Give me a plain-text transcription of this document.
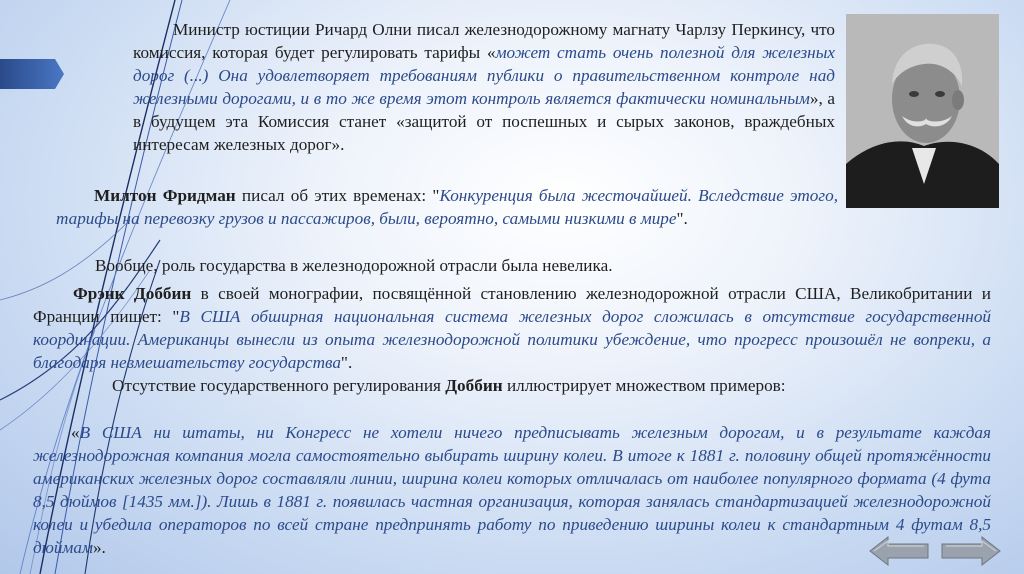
Министр юстиции Ричард Олни писал железнодорожному магнату Чарлзу Перкинсу, что комиссия, которая будет регулировать тарифы «может стать очень полезной для железных дорог (...) Она удовлетворяет требованиям публики о правительственном контроле над железными дорогами, и в то же время этот контроль является фактически номинальным», а в будущем эта Комиссия станет «защитой от поспешных и сырых законов, враждебных интересам железных дорог».
Милтон Фридман писал об этих временах: "Конкуренция была жесточайшей. Вследствие этого, тарифы на перевозку грузов и пассажиров, были, вероятно, самыми низкими в мире".
Вообще, роль государства в железнодорожной отрасли была невелика.
Фрэнк Доббин в своей монографии, посвящённой становлению железнодорожной отрасли США, Великобритании и Франции пишет: "В США обширная национальная система железных дорог сложилась в отсутствие государственной координации. Американцы вынесли из опыта железнодорожной политики убеждение, что прогресс произошёл не вопреки, а благодаря невмешательству государства".
Отсутствие государственного регулирования Доббин иллюстрирует множеством примеров:
«В США ни штаты, ни Конгресс не хотели ничего предписывать железным дорогам, и в результате каждая железнодорожная компания могла самостоятельно выбирать ширину колеи. В итоге к 1881 г. половину общей протяжённости американских железных дорог составляли линии, ширина колеи которых отличалась от наиболее популярного формата (4 фута 8,5 дюймов [1435 мм.]). Лишь в 1881 г. появилась частная организация, которая занялась стандартизацией железнодорожной колеи и убедила операторов по всей стране предпринять работу по приведению ширины колеи к стандартным 4 футам 8,5 дюймам».
